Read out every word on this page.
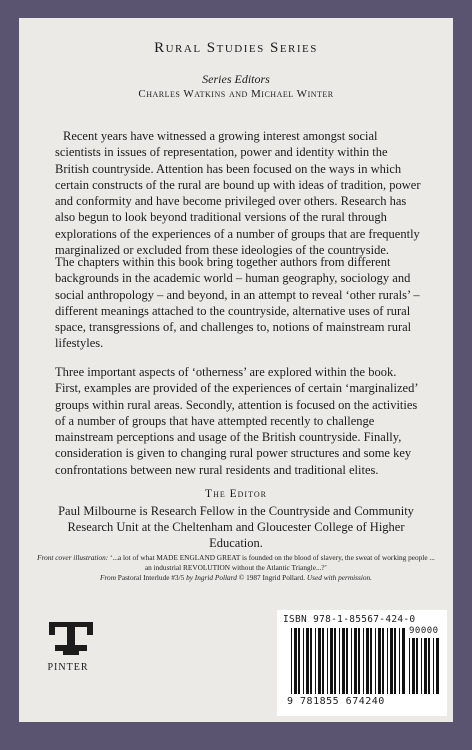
Rural Studies Series
Series Editors
Charles Watkins and Michael Winter

Recent years have witnessed a growing interest amongst social scientists in issues of representation, power and identity within the British countryside. Attention has been focused on the ways in which certain constructs of the rural are bound up with ideas of tradition, power and conformity and have become privileged over others. Research has also begun to look beyond traditional versions of the rural through explorations of the experiences of a number of groups that are frequently marginalized or excluded from these ideologies of the countryside.

The chapters within this book bring together authors from different backgrounds in the academic world – human geography, sociology and social anthropology – and beyond, in an attempt to reveal ‘other rurals’ – different meanings attached to the countryside, alternative uses of rural space, transgressions of, and challenges to, notions of mainstream rural lifestyles.

Three important aspects of ‘otherness’ are explored within the book. First, examples are provided of the experiences of certain ‘marginalized’ groups within rural areas. Secondly, attention is focused on the activities of a number of groups that have attempted recently to challenge mainstream perceptions and usage of the British countryside. Finally, consideration is given to changing rural power structures and some key confrontations between new rural residents and traditional elites.

The Editor

Paul Milbourne is Research Fellow in the Countryside and Community Research Unit at the Cheltenham and Gloucester College of Higher Education.

Front cover illustration: ‘...a lot of what MADE ENGLAND GREAT is founded on the blood of slavery, the sweat of working people ... an industrial REVOLUTION without the Atlantic Triangle...?’
From Pastoral Interlude #3/5 by Ingrid Pollard © 1987 Ingrid Pollard. Used with permission.

PINTER
ISBN 978-1-85567-424-0
90000
9 781855 674240
